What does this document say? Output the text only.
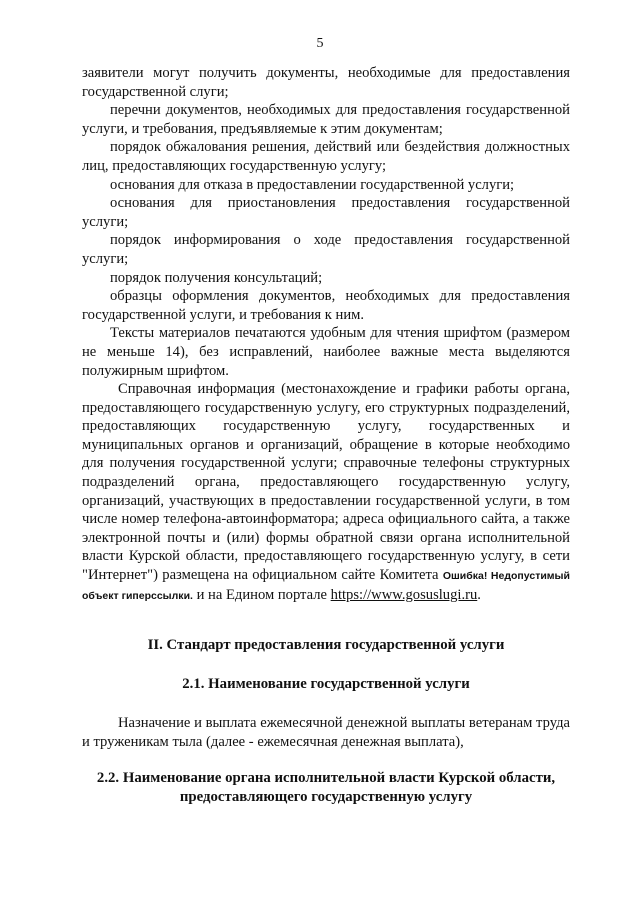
5

заявители могут получить документы, необходимые для предоставления государственной слуги;

перечни документов, необходимых для предоставления государственной услуги, и требования, предъявляемые к этим документам;

порядок обжалования решения, действий или бездействия должностных лиц, предоставляющих государственную услугу;

основания для отказа в предоставлении государственной услуги;

основания для приостановления предоставления государственной услуги;

порядок информирования о ходе предоставления государственной услуги;

порядок получения консультаций;

образцы оформления документов, необходимых для предоставления государственной услуги, и требования к ним.

Тексты материалов печатаются удобным для чтения шрифтом (размером не меньше 14), без исправлений, наиболее важные места выделяются полужирным шрифтом.

Справочная информация (местонахождение и графики работы органа, предоставляющего государственную услугу, его структурных подразделений, предоставляющих государственную услугу, государственных и муниципальных органов и организаций, обращение в которые необходимо для получения государственной услуги; справочные телефоны структурных подразделений органа, предоставляющего государственную услугу, организаций, участвующих в предоставлении государственной услуги, в том числе номер телефона-автоинформатора; адреса официального сайта, а также электронной почты и (или) формы обратной связи органа исполнительной власти Курской области, предоставляющего государственную услугу, в сети "Интернет") размещена на официальном сайте Комитета Ошибка! Недопустимый объект гиперссылки. и на Едином портале https://www.gosuslugi.ru.

II. Стандарт предоставления государственной услуги

2.1. Наименование государственной услуги

Назначение и выплата ежемесячной денежной выплаты ветеранам труда и труженикам тыла (далее - ежемесячная денежная выплата),

2.2. Наименование органа исполнительной власти Курской области, предоставляющего государственную услугу
